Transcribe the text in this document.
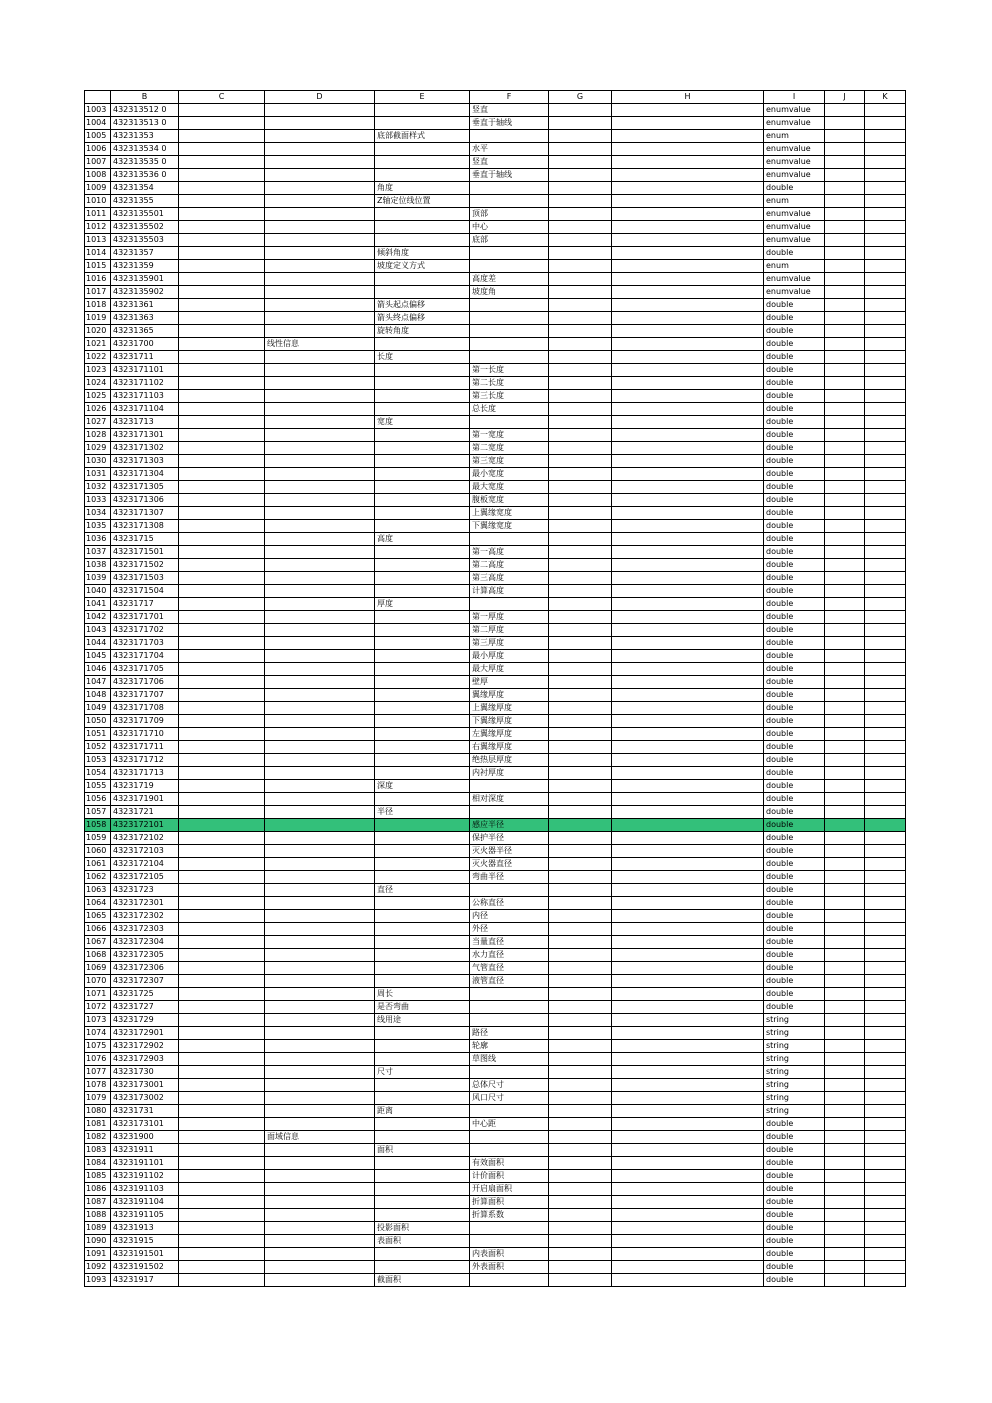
	B	C	D	E	F	G	H	I	J	K
1003	432313512 0				竖直			enumvalue		
1004	432313513 0				垂直于轴线			enumvalue		
1005	43231353			底部截面样式				enum		
1006	432313534 0				水平			enumvalue		
1007	432313535 0				竖直			enumvalue		
1008	432313536 0				垂直于轴线			enumvalue		
1009	43231354			角度				double		
1010	43231355			Z轴定位线位置				enum		
1011	4323135501				顶部			enumvalue		
1012	4323135502				中心			enumvalue		
1013	4323135503				底部			enumvalue		
1014	43231357			倾斜角度				double		
1015	43231359			坡度定义方式				enum		
1016	4323135901				高度差			enumvalue		
1017	4323135902				坡度角			enumvalue		
1018	43231361			箭头起点偏移				double		
1019	43231363			箭头终点偏移				double		
1020	43231365			旋转角度				double		
1021	43231700		线性信息					double		
1022	43231711			长度				double		
1023	4323171101				第一长度			double		
1024	4323171102				第二长度			double		
1025	4323171103				第三长度			double		
1026	4323171104				总长度			double		
1027	43231713			宽度				double		
1028	4323171301				第一宽度			double		
1029	4323171302				第二宽度			double		
1030	4323171303				第三宽度			double		
1031	4323171304				最小宽度			double		
1032	4323171305				最大宽度			double		
1033	4323171306				腹板宽度			double		
1034	4323171307				上翼缘宽度			double		
1035	4323171308				下翼缘宽度			double		
1036	43231715			高度				double		
1037	4323171501				第一高度			double		
1038	4323171502				第二高度			double		
1039	4323171503				第三高度			double		
1040	4323171504				计算高度			double		
1041	43231717			厚度				double		
1042	4323171701				第一厚度			double		
1043	4323171702				第二厚度			double		
1044	4323171703				第三厚度			double		
1045	4323171704				最小厚度			double		
1046	4323171705				最大厚度			double		
1047	4323171706				壁厚			double		
1048	4323171707				翼缘厚度			double		
1049	4323171708				上翼缘厚度			double		
1050	4323171709				下翼缘厚度			double		
1051	4323171710				左翼缘厚度			double		
1052	4323171711				右翼缘厚度			double		
1053	4323171712				绝热层厚度			double		
1054	4323171713				内衬厚度			double		
1055	43231719			深度				double		
1056	4323171901				相对深度			double		
1057	43231721			半径				double		
1058	4323172101				感应半径			double		
1059	4323172102				保护半径			double		
1060	4323172103				灭火器半径			double		
1061	4323172104				灭火器直径			double		
1062	4323172105				弯曲半径			double		
1063	43231723			直径				double		
1064	4323172301				公称直径			double		
1065	4323172302				内径			double		
1066	4323172303				外径			double		
1067	4323172304				当量直径			double		
1068	4323172305				水力直径			double		
1069	4323172306				气管直径			double		
1070	4323172307				液管直径			double		
1071	43231725			周长				double		
1072	43231727			是否弯曲				double		
1073	43231729			线用途				string		
1074	4323172901				路径			string		
1075	4323172902				轮廓			string		
1076	4323172903				草图线			string		
1077	43231730			尺寸				string		
1078	4323173001				总体尺寸			string		
1079	4323173002				风口尺寸			string		
1080	43231731			距离				string		
1081	4323173101				中心距			double		
1082	43231900		面域信息					double		
1083	43231911			面积				double		
1084	4323191101				有效面积			double		
1085	4323191102				计价面积			double		
1086	4323191103				开启扇面积			double		
1087	4323191104				折算面积			double		
1088	4323191105				折算系数			double		
1089	43231913			投影面积				double		
1090	43231915			表面积				double		
1091	4323191501				内表面积			double		
1092	4323191502				外表面积			double		
1093	43231917			截面积				double		
